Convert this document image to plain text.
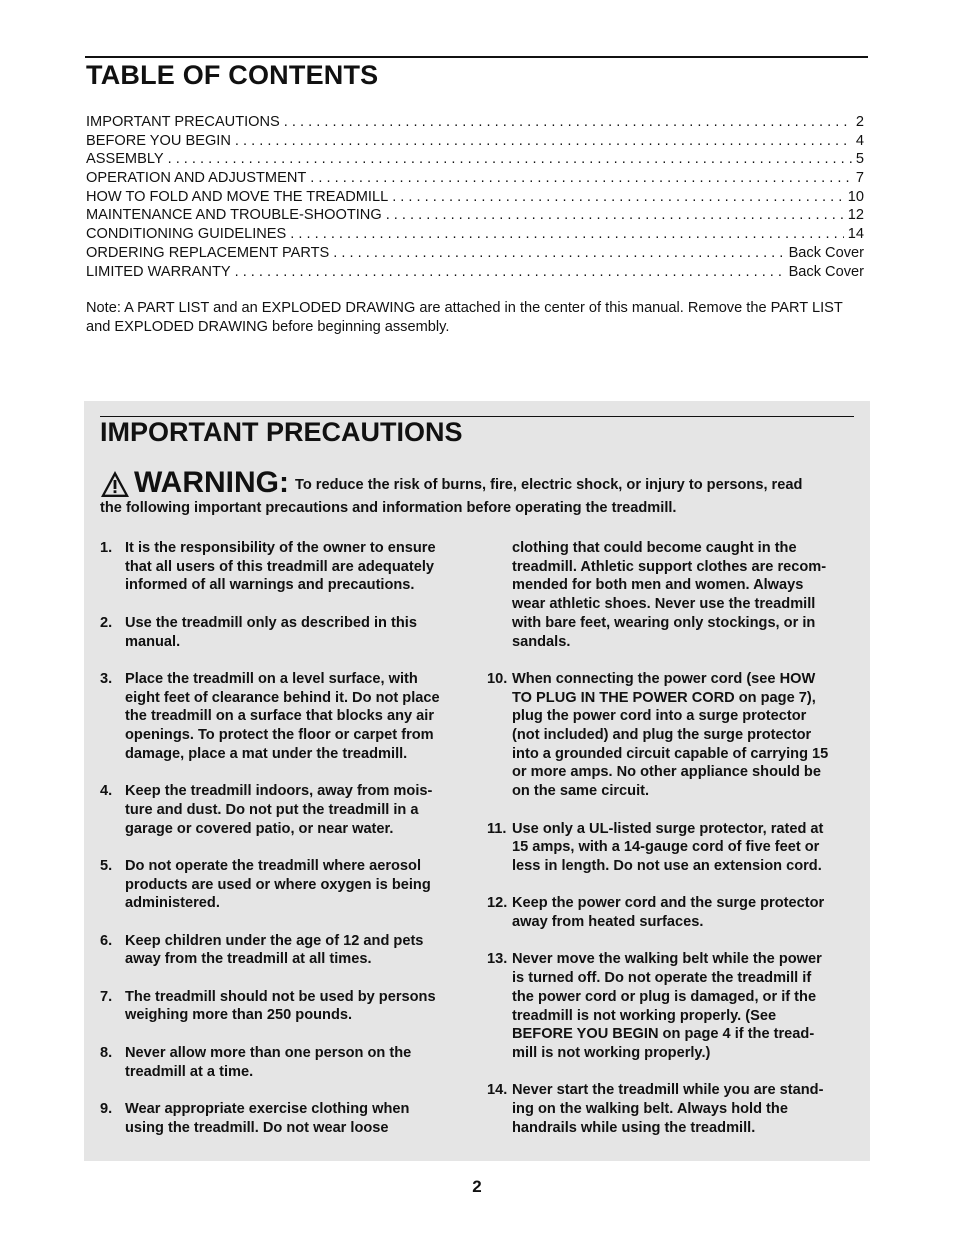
TABLE OF CONTENTS
IMPORTANT PRECAUTIONS . . .	2
BEFORE YOU BEGIN . . .	4
ASSEMBLY . . .	5
OPERATION AND ADJUSTMENT . . .	7
HOW TO FOLD AND MOVE THE TREADMILL . . .	10
MAINTENANCE AND TROUBLE-SHOOTING . . .	12
CONDITIONING GUIDELINES . . .	14
ORDERING REPLACEMENT PARTS . . .	Back Cover
LIMITED WARRANTY . . .	Back Cover

Note: A PART LIST and an EXPLODED DRAWING are attached in the center of this manual. Remove the PART LIST and EXPLODED DRAWING before beginning assembly.

IMPORTANT PRECAUTIONS
WARNING: To reduce the risk of burns, fire, electric shock, or injury to persons, read
the following important precautions and information before operating the treadmill.
1. It is the responsibility of the owner to ensure
that all users of this treadmill are adequately
informed of all warnings and precautions.
2. Use the treadmill only as described in this
manual.
3. Place the treadmill on a level surface, with
eight feet of clearance behind it. Do not place
the treadmill on a surface that blocks any air
openings. To protect the floor or carpet from
damage, place a mat under the treadmill.
4. Keep the treadmill indoors, away from mois-
ture and dust. Do not put the treadmill in a
garage or covered patio, or near water.
5. Do not operate the treadmill where aerosol
products are used or where oxygen is being
administered.
6. Keep children under the age of 12 and pets
away from the treadmill at all times.
7. The treadmill should not be used by persons
weighing more than 250 pounds.
8. Never allow more than one person on the
treadmill at a time.
9. Wear appropriate exercise clothing when
using the treadmill. Do not wear loose
clothing that could become caught in the
treadmill. Athletic support clothes are recom-
mended for both men and women. Always
wear athletic shoes. Never use the treadmill
with bare feet, wearing only stockings, or in
sandals.
10. When connecting the power cord (see HOW
TO PLUG IN THE POWER CORD on page 7),
plug the power cord into a surge protector
(not included) and plug the surge protector
into a grounded circuit capable of carrying 15
or more amps. No other appliance should be
on the same circuit.
11. Use only a UL-listed surge protector, rated at
15 amps, with a 14-gauge cord of five feet or
less in length. Do not use an extension cord.
12. Keep the power cord and the surge protector
away from heated surfaces.
13. Never move the walking belt while the power
is turned off. Do not operate the treadmill if
the power cord or plug is damaged, or if the
treadmill is not working properly. (See
BEFORE YOU BEGIN on page 4 if the tread-
mill is not working properly.)
14. Never start the treadmill while you are stand-
ing on the walking belt. Always hold the
handrails while using the treadmill.
2
